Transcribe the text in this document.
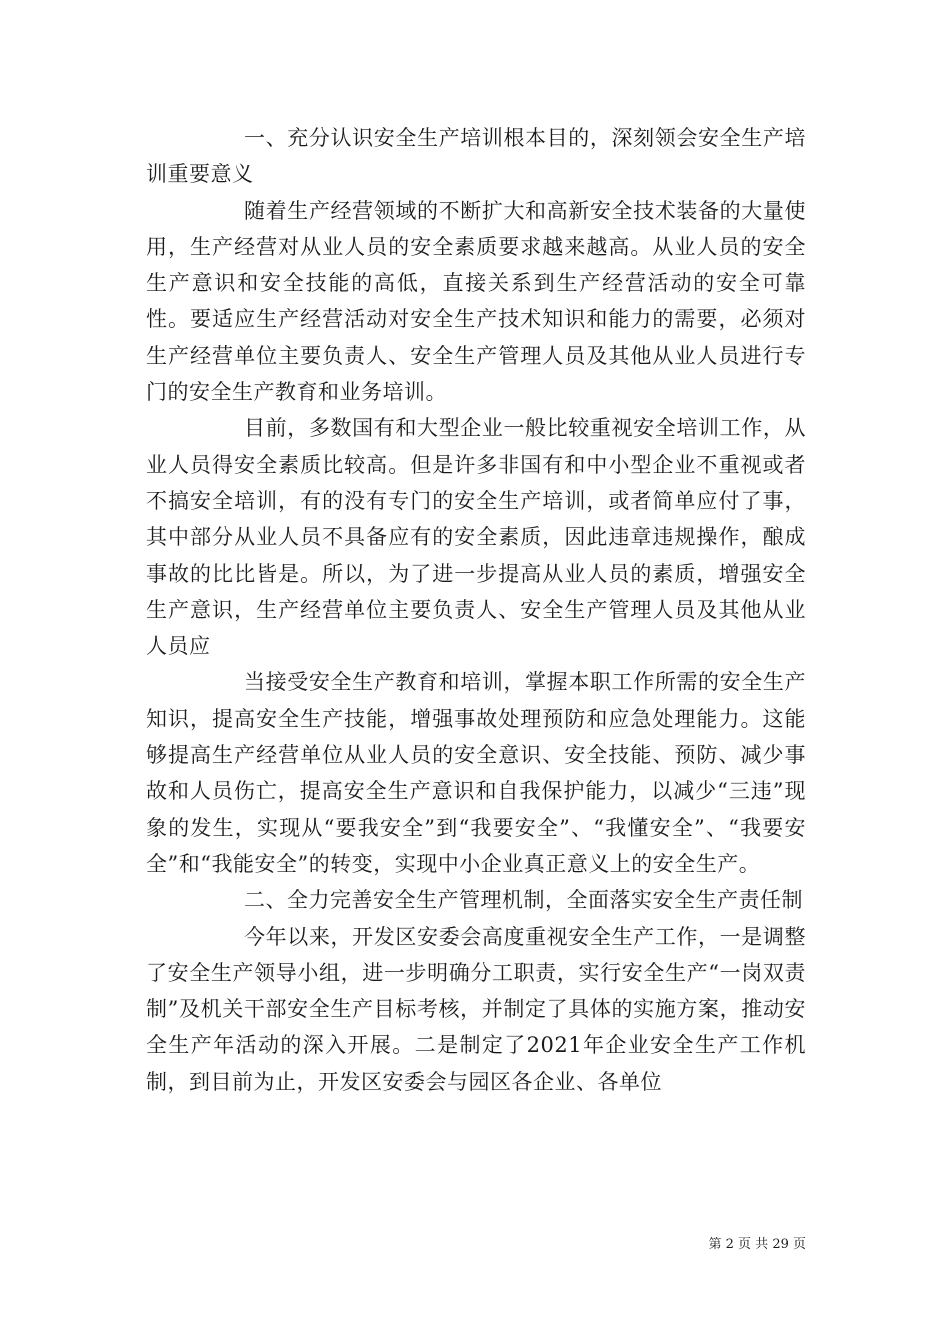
一、充分认识安全生产培训根本目的，深刻领会安全生产培训重要意义

随着生产经营领域的不断扩大和高新安全技术装备的大量使用，生产经营对从业人员的安全素质要求越来越高。从业人员的安全生产意识和安全技能的高低，直接关系到生产经营活动的安全可靠性。要适应生产经营活动对安全生产技术知识和能力的需要，必须对生产经营单位主要负责人、安全生产管理人员及其他从业人员进行专门的安全生产教育和业务培训。

目前，多数国有和大型企业一般比较重视安全培训工作，从业人员得安全素质比较高。但是许多非国有和中小型企业不重视或者不搞安全培训，有的没有专门的安全生产培训，或者简单应付了事，其中部分从业人员不具备应有的安全素质，因此违章违规操作，酿成事故的比比皆是。所以，为了进一步提高从业人员的素质，增强安全生产意识，生产经营单位主要负责人、安全生产管理人员及其他从业人员应

当接受安全生产教育和培训，掌握本职工作所需的安全生产知识，提高安全生产技能，增强事故处理预防和应急处理能力。这能够提高生产经营单位从业人员的安全意识、安全技能、预防、减少事故和人员伤亡，提高安全生产意识和自我保护能力，以减少“三违”现象的发生，实现从“要我安全”到“我要安全”、“我懂安全”、“我要安全”和“我能安全”的转变，实现中小企业真正意义上的安全生产。

二、全力完善安全生产管理机制，全面落实安全生产责任制

今年以来，开发区安委会高度重视安全生产工作，一是调整了安全生产领导小组，进一步明确分工职责，实行安全生产“一岗双责制”及机关干部安全生产目标考核，并制定了具体的实施方案，推动安全生产年活动的深入开展。二是制定了2021年企业安全生产工作机制，到目前为止，开发区安委会与园区各企业、各单位

第 2 页 共 29 页
